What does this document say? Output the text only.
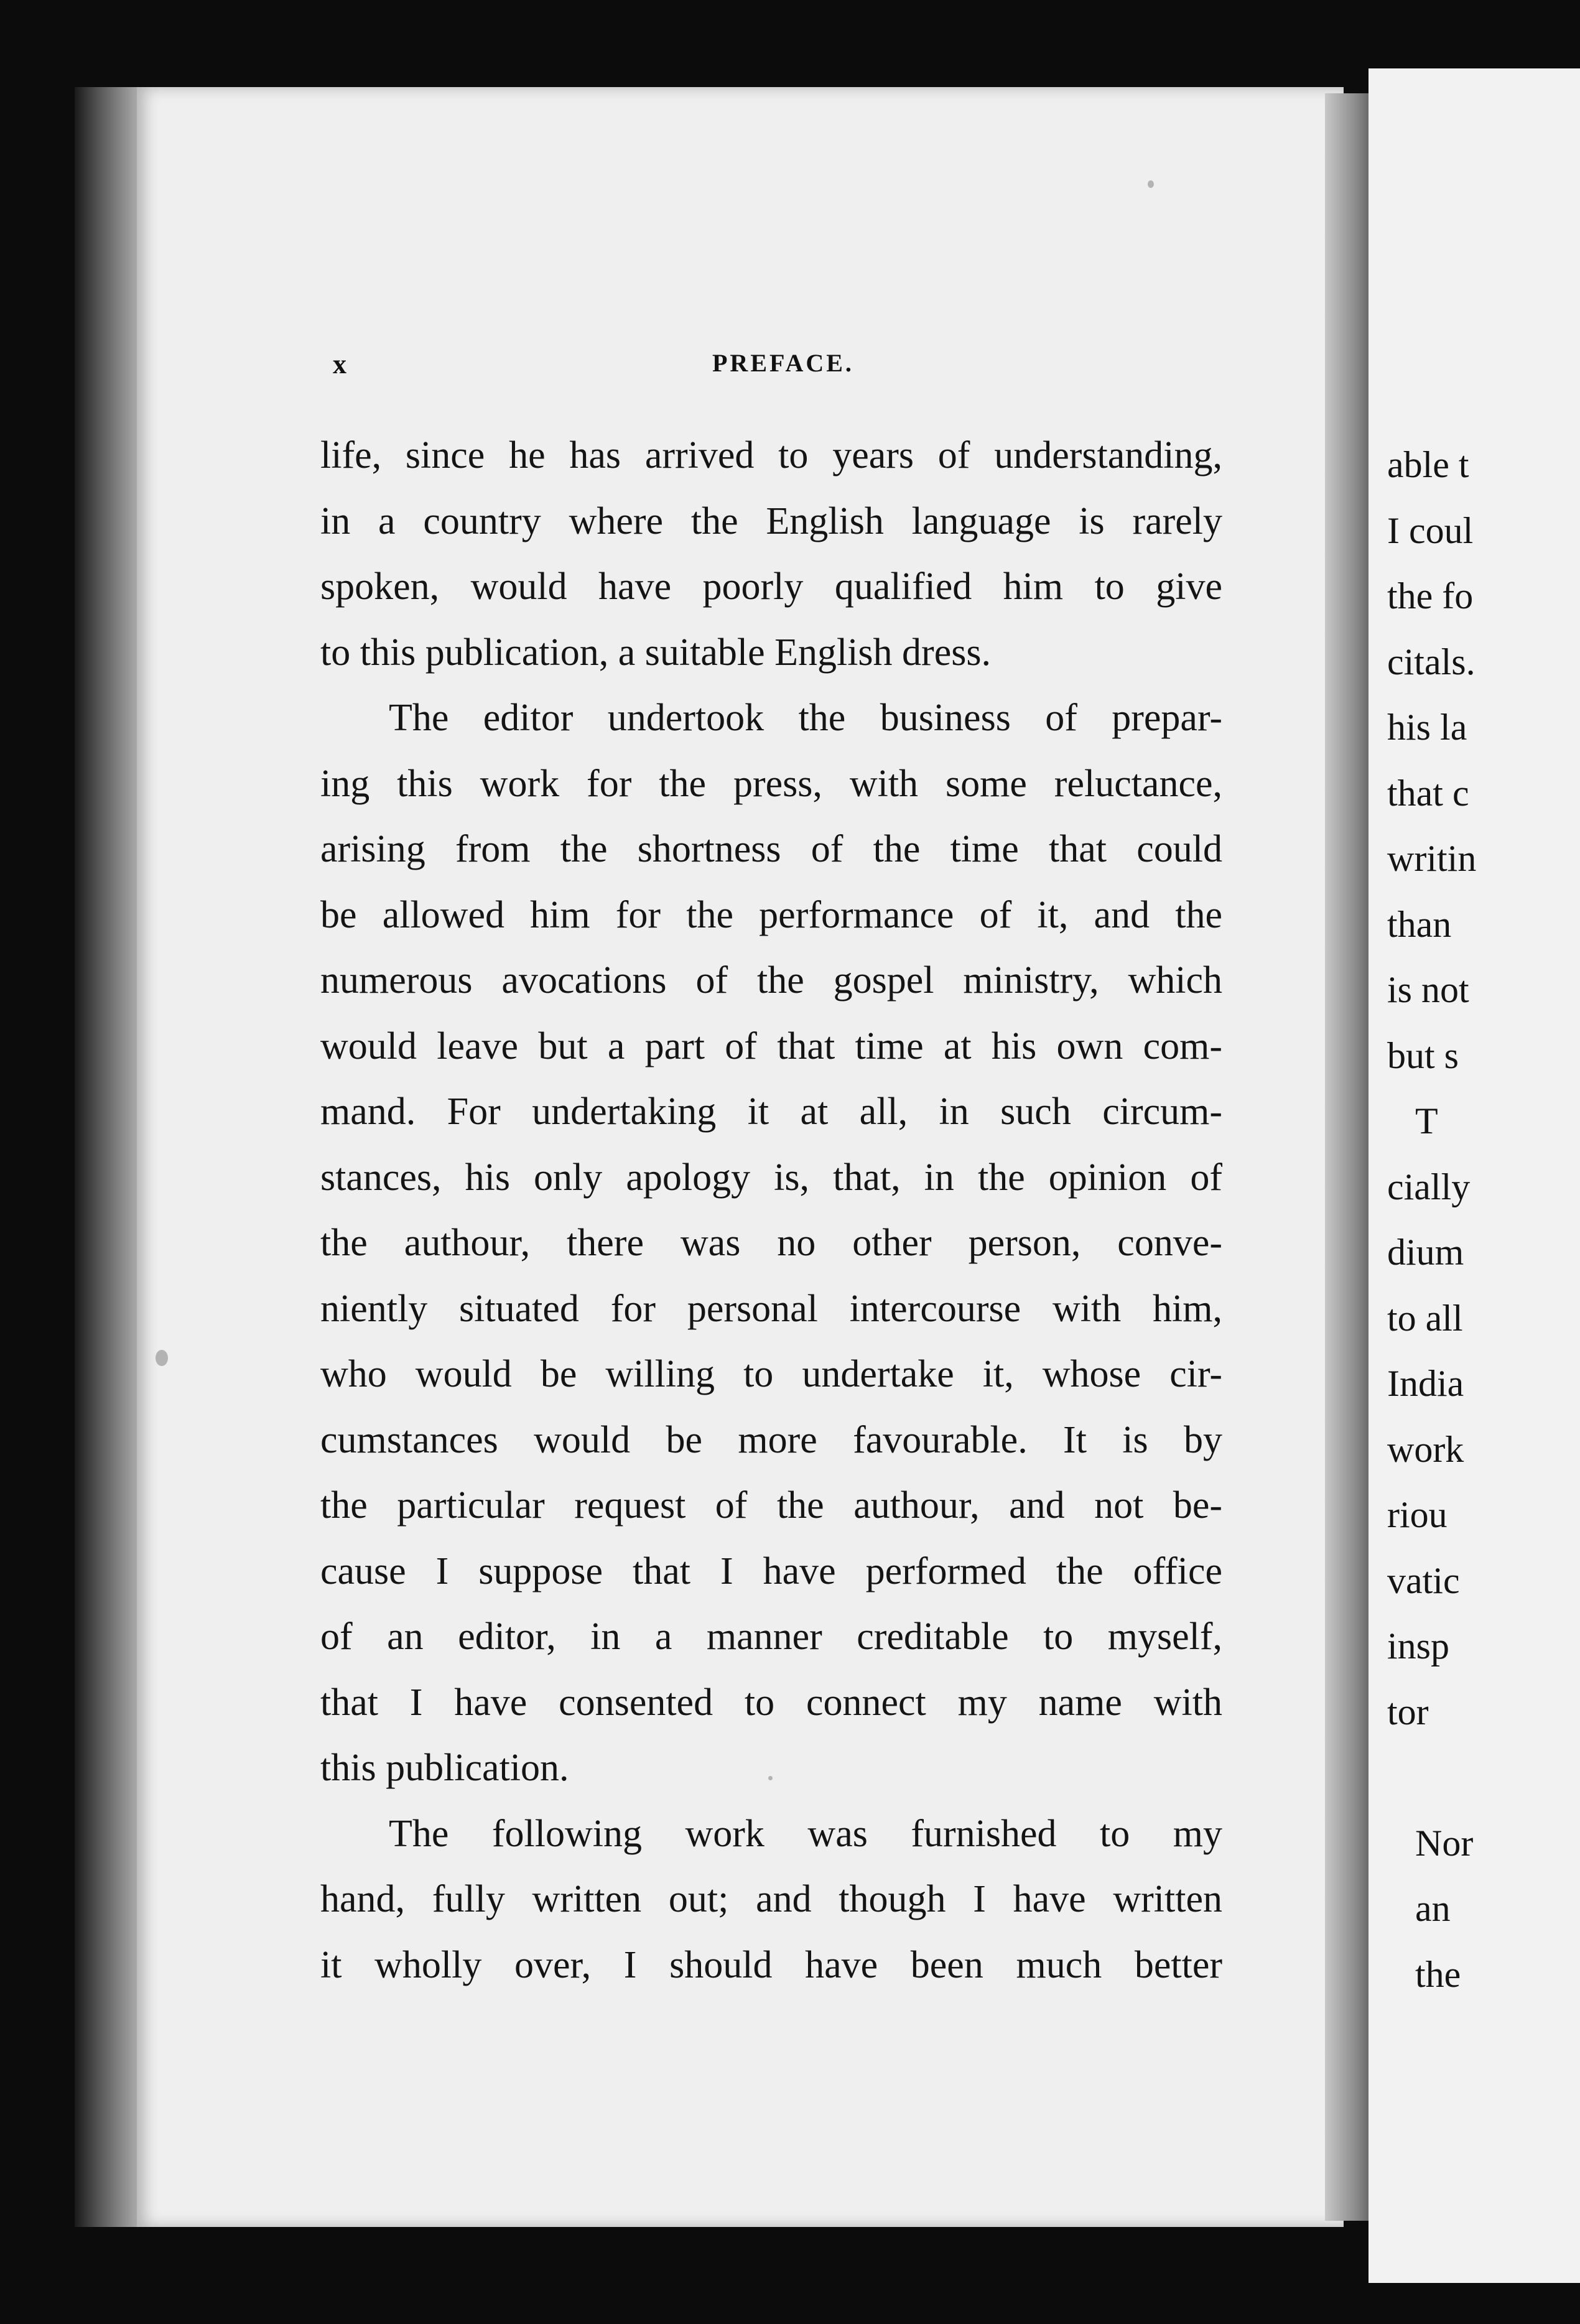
able t
I coul
the fo
citals.
his la
that c
writin
than
is not
but s
T
cially
dium
to all
India
work
riou
vatic
insp
tor
Nor
an
the
x	PREFACE.
life, since he has arrived to years of understanding,
in a country where the English language is rarely
spoken, would have poorly qualified him to give
to this publication, a suitable English dress.
The editor undertook the business of prepar-
ing this work for the press, with some reluctance,
arising from the shortness of the time that could
be allowed him for the performance of it, and the
numerous avocations of the gospel ministry, which
would leave but a part of that time at his own com-
mand. For undertaking it at all, in such circum-
stances, his only apology is, that, in the opinion of
the authour, there was no other person, conve-
niently situated for personal intercourse with him,
who would be willing to undertake it, whose cir-
cumstances would be more favourable. It is by
the particular request of the authour, and not be-
cause I suppose that I have performed the office
of an editor, in a manner creditable to myself,
that I have consented to connect my name with
this publication.
The following work was furnished to my
hand, fully written out; and though I have written
it wholly over, I should have been much better
